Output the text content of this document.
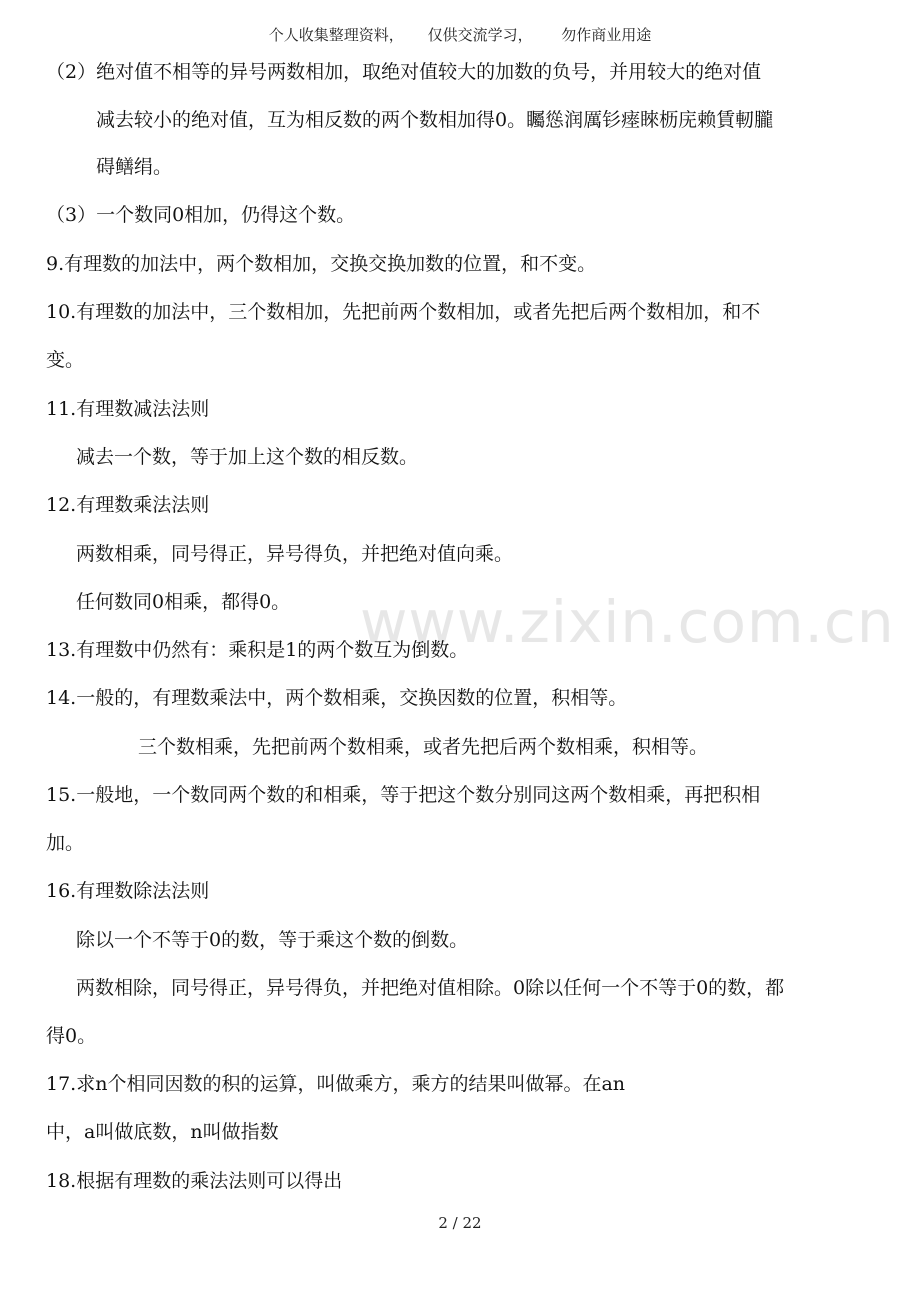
个人收集整理资料，     仅供交流学习，      勿作商业用途
www.zixin.com.cn
（2）绝对值不相等的异号两数相加，取绝对值较大的加数的负号，并用较大的绝对值
减去较小的绝对值，互为相反数的两个数相加得0。矚慫润厲钐瘗睞枥庑赖賃軔朧
碍鳝绢。
（3）一个数同0相加，仍得这个数。
9.有理数的加法中，两个数相加，交换交换加数的位置，和不变。
10.有理数的加法中，三个数相加，先把前两个数相加，或者先把后两个数相加，和不
变。
11.有理数减法法则
减去一个数，等于加上这个数的相反数。
12.有理数乘法法则
两数相乘，同号得正，异号得负，并把绝对值向乘。
任何数同0相乘，都得0。
13.有理数中仍然有：乘积是1的两个数互为倒数。
14.一般的，有理数乘法中，两个数相乘，交换因数的位置，积相等。
三个数相乘，先把前两个数相乘，或者先把后两个数相乘，积相等。
15.一般地，一个数同两个数的和相乘，等于把这个数分别同这两个数相乘，再把积相
加。
16.有理数除法法则
除以一个不等于0的数，等于乘这个数的倒数。
两数相除，同号得正，异号得负，并把绝对值相除。0除以任何一个不等于0的数，都
得0。
17.求n个相同因数的积的运算，叫做乘方，乘方的结果叫做幂。在an
中，a叫做底数，n叫做指数
18.根据有理数的乘法法则可以得出
2 / 22
